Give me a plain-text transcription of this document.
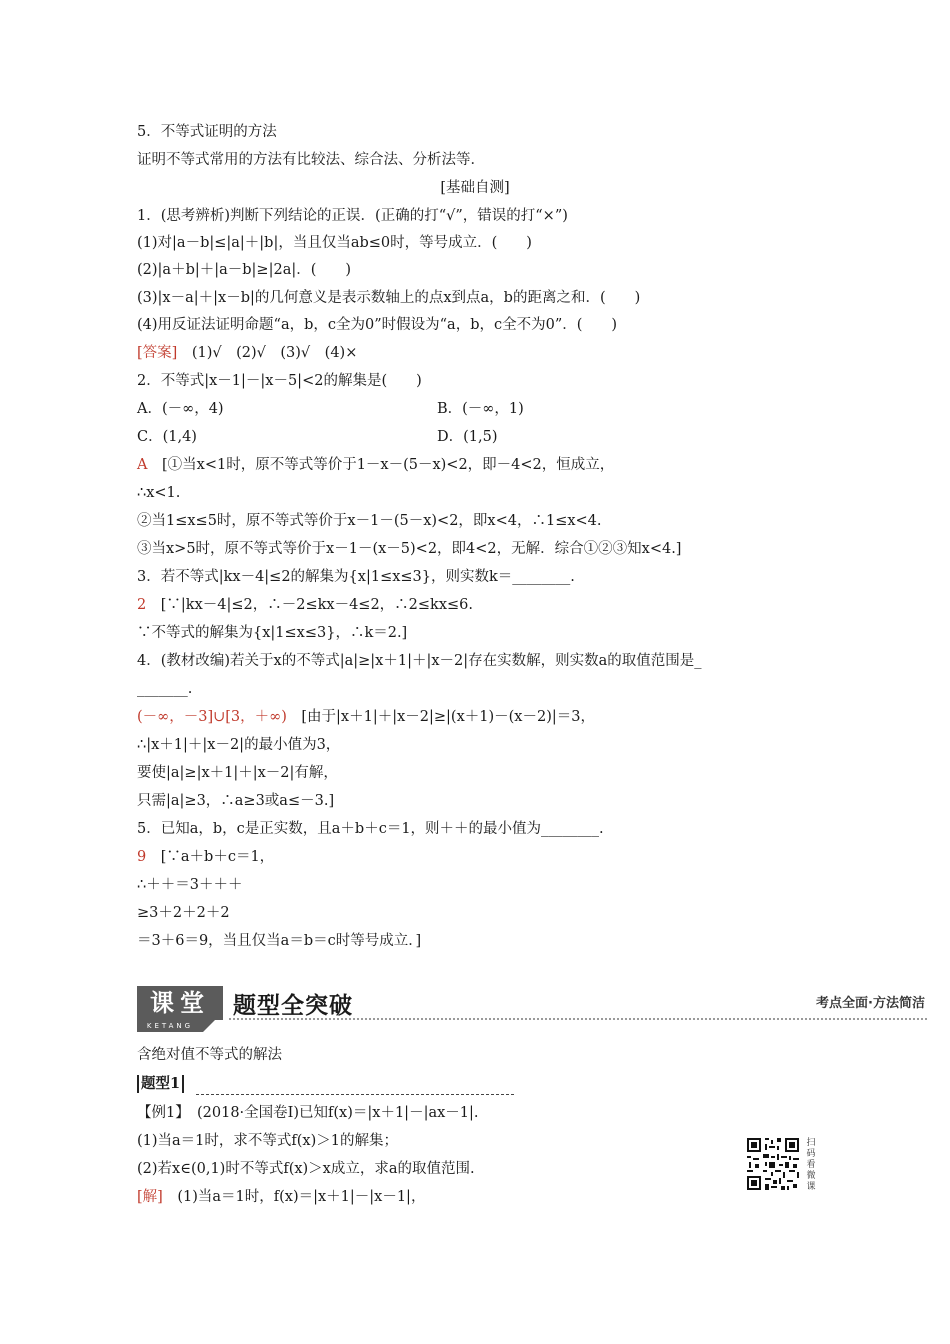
5．不等式证明的方法
证明不等式常用的方法有比较法、综合法、分析法等．
[基础自测]
1．(思考辨析)判断下列结论的正误．(正确的打“√”，错误的打“×”)
(1)对|a－b|≤|a|＋|b|，当且仅当ab≤0时，等号成立．(　　)
(2)|a＋b|＋|a－b|≥|2a|．(　　)
(3)|x－a|＋|x－b|的几何意义是表示数轴上的点x到点a，b的距离之和．(　　)
(4)用反证法证明命题“a，b，c全为0”时假设为“a，b，c全不为0”．(　　)
[答案]　(1)√　(2)√　(3)√　(4)×
2．不等式|x－1|－|x－5|<2的解集是(　　)
A．(－∞，4)	B．(－∞，1)
C．(1,4)	D．(1,5)
A　[①当x<1时，原不等式等价于1－x－(5－x)<2，即－4<2，恒成立，
∴x<1.
②当1≤x≤5时，原不等式等价于x－1－(5－x)<2，即x<4，∴1≤x<4.
③当x>5时，原不等式等价于x－1－(x－5)<2，即4<2，无解．综合①②③知x<4.]
3．若不等式|kx－4|≤2的解集为{x|1≤x≤3}，则实数k＝________.
2　[∵|kx－4|≤2，∴－2≤kx－4≤2，∴2≤kx≤6.
∵不等式的解集为{x|1≤x≤3}，∴k＝2.]
4．(教材改编)若关于x的不等式|a|≥|x＋1|＋|x－2|存在实数解，则实数a的取值范围是_
_______.
(－∞，－3]∪[3，＋∞)　[由于|x＋1|＋|x－2|≥|(x＋1)－(x－2)|＝3，
∴|x＋1|＋|x－2|的最小值为3，
要使|a|≥|x＋1|＋|x－2|有解，
只需|a|≥3，∴a≥3或a≤－3.]
5．已知a，b，c是正实数，且a＋b＋c＝1，则＋＋的最小值为________.
9　[∵a＋b＋c＝1，
∴＋＋＝3＋＋＋
≥3＋2＋2＋2
＝3＋6＝9，当且仅当a＝b＝c时等号成立．]
课堂
KETANG
题型全突破	考点全面·方法简洁
含绝对值不等式的解法
题型1
【例1】　(2018·全国卷Ⅰ)已知f(x)＝|x＋1|－|ax－1|.
(1)当a＝1时，求不等式f(x)＞1的解集；
(2)若x∈(0,1)时不等式f(x)＞x成立，求a的取值范围.
[解]　(1)当a＝1时，f(x)＝|x＋1|－|x－1|，
扫码看微课
